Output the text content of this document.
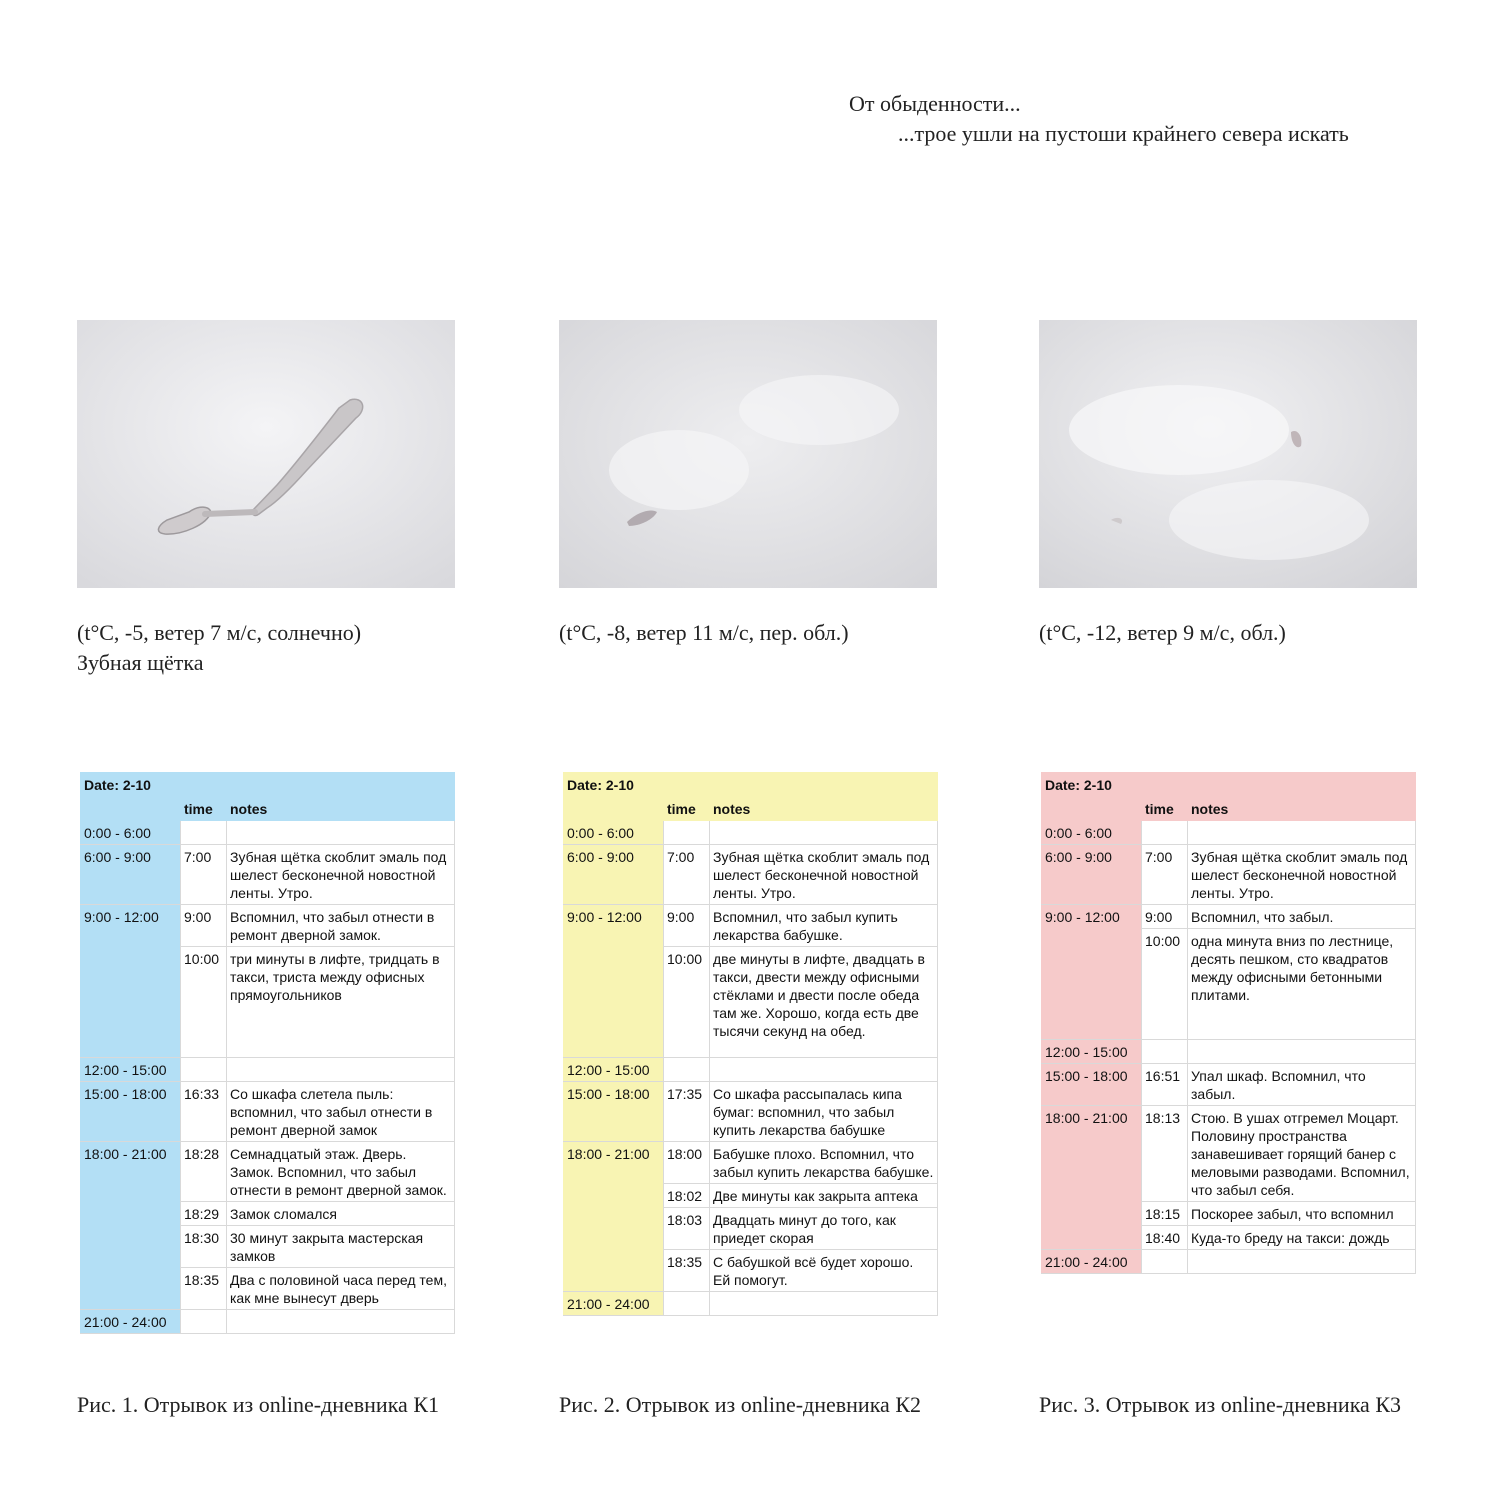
От обыденности...
...трое ушли на пустоши крайнего севера искать
(t°C, -5, ветер 7 м/с, солнечно)
Зубная щётка
(t°C, -8, ветер 11 м/с, пер. обл.)	(t°C, -12, ветер 9 м/с, обл.)
Date: 2-10		
	time	notes
0:00 - 6:00		
6:00 - 9:00	7:00	Зубная щётка скоблит эмаль под шелест бесконечной новостной ленты. Утро.
9:00 - 12:00	9:00	Вспомнил, что забыл отнести в ремонт дверной замок.
	10:00	три минуты в лифте, тридцать в такси, триста между офисных прямоугольников
12:00 - 15:00		
15:00 - 18:00	16:33	Со шкафа слетела пыль: вспомнил, что забыл отнести в ремонт дверной замок
18:00 - 21:00	18:28	Семнадцатый этаж. Дверь. Замок. Вспомнил, что забыл отнести в ремонт дверной замок.
	18:29	Замок сломался
	18:30	30 минут закрыта мастерская замков
	18:35	Два с половиной часа перед тем, как мне вынесут дверь
21:00 - 24:00		
Date: 2-10		
	time	notes
0:00 - 6:00		
6:00 - 9:00	7:00	Зубная щётка скоблит эмаль под шелест бесконечной новостной ленты. Утро.
9:00 - 12:00	9:00	Вспомнил, что забыл купить лекарства бабушке.
	10:00	две минуты в лифте, двадцать в такси, двести между офисными стёклами и двести после обеда там же. Хорошо, когда есть две тысячи секунд на обед.
12:00 - 15:00		
15:00 - 18:00	17:35	Со шкафа рассыпалась кипа бумаг: вспомнил, что забыл купить лекарства бабушке
18:00 - 21:00	18:00	Бабушке плохо. Вспомнил, что забыл купить лекарства бабушке.
	18:02	Две минуты как закрыта аптека
	18:03	Двадцать минут до того, как приедет скорая
	18:35	С бабушкой всё будет хорошо. Ей помогут.
21:00 - 24:00		
Date: 2-10		
	time	notes
0:00 - 6:00		
6:00 - 9:00	7:00	Зубная щётка скоблит эмаль под шелест бесконечной новостной ленты. Утро.
9:00 - 12:00	9:00	Вспомнил, что забыл.
	10:00	одна минута вниз по лестнице, десять пешком, сто квадратов между офисными бетонными плитами.
12:00 - 15:00		
15:00 - 18:00	16:51	Упал шкаф. Вспомнил, что забыл.
18:00 - 21:00	18:13	Стою. В ушах отгремел Моцарт. Половину пространства занавешивает горящий банер с меловыми разводами. Вспомнил, что забыл себя.
	18:15	Поскорее забыл, что вспомнил
	18:40	Куда-то бреду на такси: дождь
21:00 - 24:00		
Рис. 1. Отрывок из online-дневника К1	Рис. 2. Отрывок из online-дневника К2	Рис. 3. Отрывок из online-дневника К3
